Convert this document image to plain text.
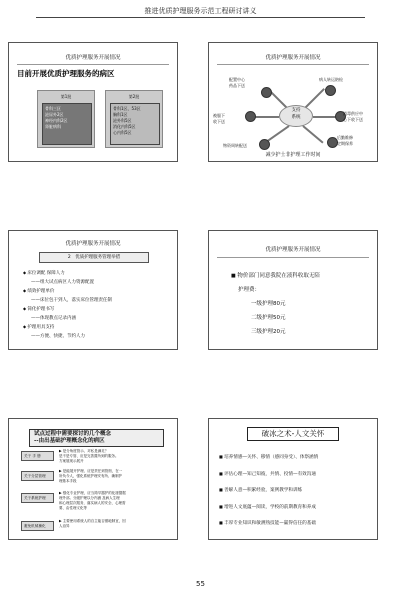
推进优质护理服务示范工程研讨讲义
优质护理服务开展情况
目前开展优质护理服务的病区
第1批
骨科三区
泌尿外2区
神经内科2区
肾脏病科
第2批
骨科1区、53区
胸科1区
泌外科5区
消化内科5区
心内科5区
优质护理服务开展情况
支持
系统
配置中心
药品下送
病人转运陪检
被服下
收下送
消毒供应中
心下收下送
后勤维修
定期保养
物资周转配送
减少护士非护理工作时间
优质护理服务开展情况
2　优质护理服务管理举措
◆ 床位调配 保障人力
——组大试点病区人力资源配置
◆ 绩效护理单价
——床位包干到人，落实床位管理责任制
◆ 简化护理书写
——体现教点记录内涵
◆ 护理用具支持
——方便、快捷、节约人力
优质护理服务开展情况
■ 物价部门同意我院在液科收取无陪
护理费：
一级护理80元
二级护理50元
三级护理20元
试点过程中需要探讨的几个概念
--由出基础护理概念化的病区
关于 手 册
▶ 是分角度管示、对私是满足？
是不是专管、应是完善置所到的服务。
方案展现示展开
关于分层管理
▶ 是能展开护理、应是责任到管细，在一
所负今人，强化系统护理安有所、确制护
理基本手段
关于系统护理
▶ 强化专业护理，应当简早器护的化援据据
理外部。分级护理以分内涵 及病人生理
和心理层次服务，落实病人的安全、心理需
要、由性理义化等
避免机械操化
▶ 主要使用系统人的自主能否照地制宜，因
人治异
破冰之术-人文关怀
■ 培养情感—关怀、移情（感同身受）、体察涵情
■ 评估心理—知己知彼，共情、投情—有效沟通
■ 善解人意—积累经验，案例教学和训练
■ 增进人文底蕴—阅读，学校的前期教育和养成
■ 丰厚专业知识和敏测熟技能—赢得信任的基础
55
